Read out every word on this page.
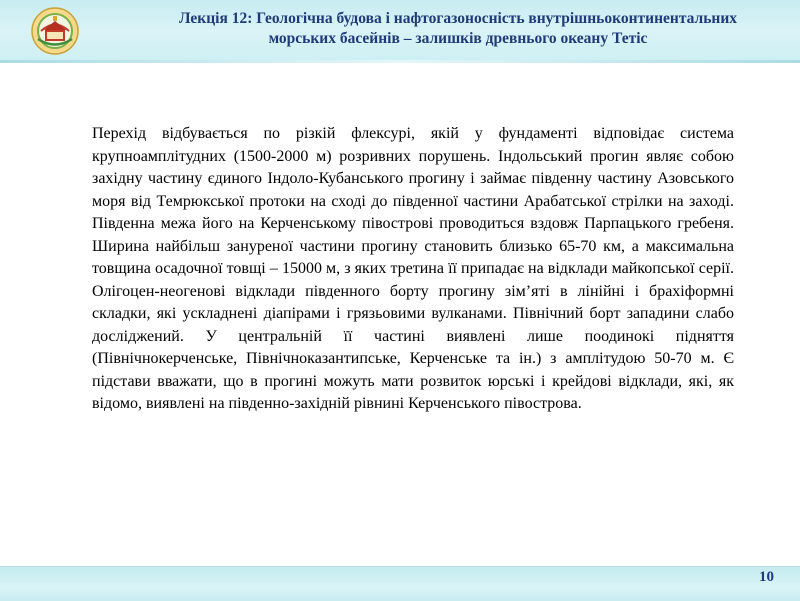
Лекція 12: Геологічна будова і нафтогазоносність внутрішньоконтинентальних
морських басейнів – залишків древнього океану Тетіс

Перехід відбувається по різкій флексурі, якій у фундаменті відповідає система крупноамплітудних (1500-2000 м) розривних порушень. Індольський прогин являє собою західну частину єдиного Індоло-Кубанського прогину і займає південну частину Азовського моря від Темрюкської протоки на сході до південної частини Арабатської стрілки на заході. Південна межа його на Керченському півострові проводиться вздовж Парпацького гребеня. Ширина найбільш зануреної частини прогину становить близько 65-70 км, а максимальна товщина осадочної товщі – 15000 м, з яких третина її припадає на відклади майкопської серії. Олігоцен-неогенові відклади південного борту прогину зім’яті в лінійні і брахіформні складки, які ускладнені діапірами і грязьовими вулканами. Північний борт западини слабо досліджений. У центральній її частині виявлені лише поодинокі підняття (Північнокерченське, Північноказантипське, Керченське та ін.) з амплітудою 50-70 м. Є підстави вважати, що в прогині можуть мати розвиток юрські і крейдові відклади, які, як відомо, виявлені на південно-західній рівнині Керченського півострова.

10
